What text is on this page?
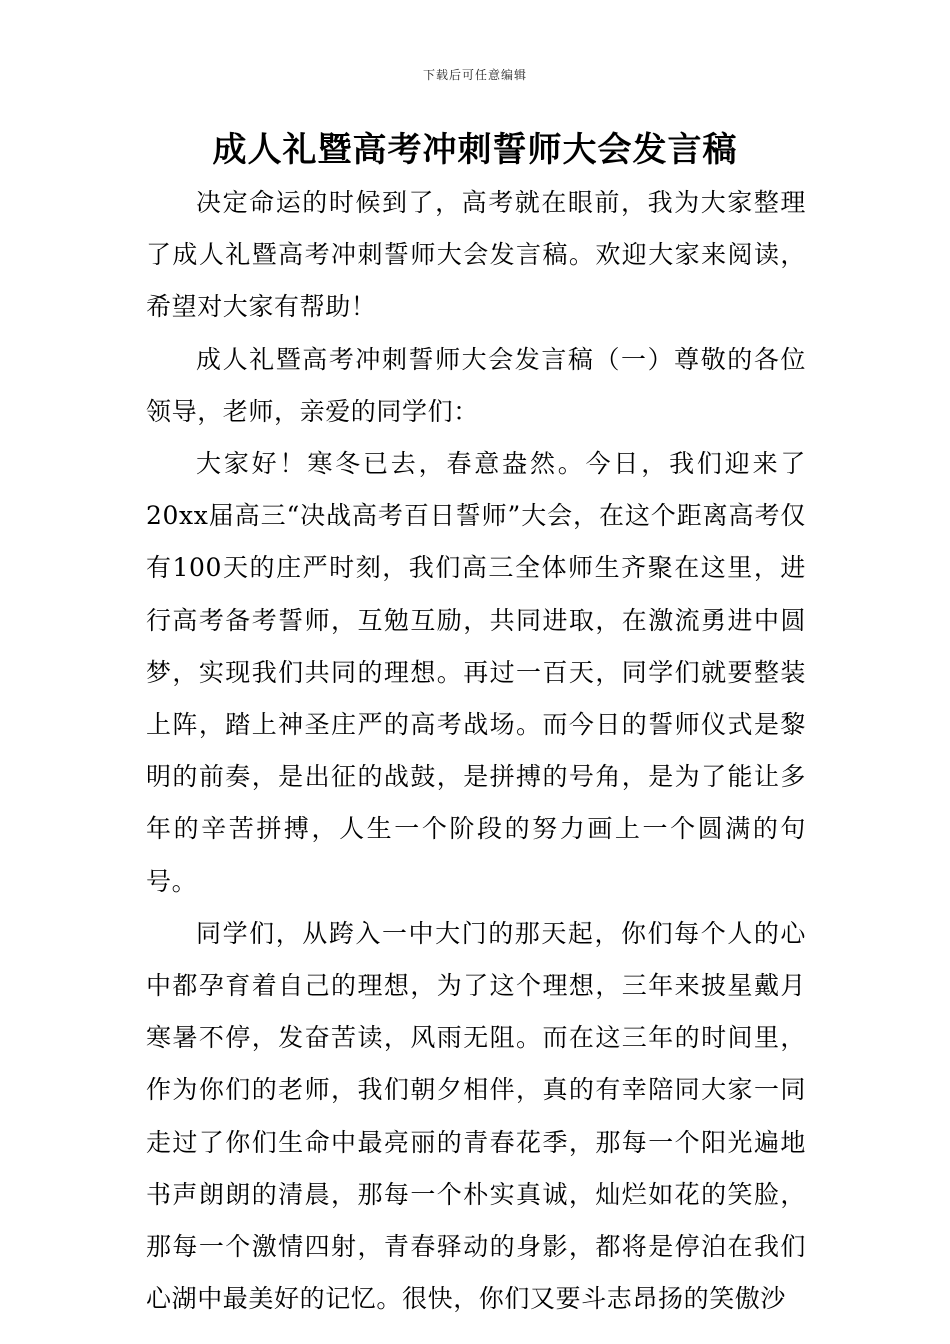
下载后可任意编辑
成人礼暨高考冲刺誓师大会发言稿

决定命运的时候到了，高考就在眼前，我为大家整理了成人礼暨高考冲刺誓师大会发言稿。欢迎大家来阅读，希望对大家有帮助！

成人礼暨高考冲刺誓师大会发言稿（一）尊敬的各位领导，老师，亲爱的同学们：

大家好！寒冬已去，春意盎然。今日，我们迎来了20xx届高三“决战高考百日誓师”大会，在这个距离高考仅有100天的庄严时刻，我们高三全体师生齐聚在这里，进行高考备考誓师，互勉互励，共同进取，在激流勇进中圆梦，实现我们共同的理想。再过一百天，同学们就要整装上阵，踏上神圣庄严的高考战场。而今日的誓师仪式是黎明的前奏，是出征的战鼓，是拼搏的号角，是为了能让多年的辛苦拼搏，人生一个阶段的努力画上一个圆满的句号。

同学们，从跨入一中大门的那天起，你们每个人的心中都孕育着自己的理想，为了这个理想，三年来披星戴月寒暑不停，发奋苦读，风雨无阻。而在这三年的时间里，作为你们的老师，我们朝夕相伴，真的有幸陪同大家一同走过了你们生命中最亮丽的青春花季，那每一个阳光遍地书声朗朗的清晨，那每一个朴实真诚，灿烂如花的笑脸，那每一个激情四射，青春驿动的身影，都将是停泊在我们心湖中最美好的记忆。很快，你们又要斗志昂扬的笑傲沙
